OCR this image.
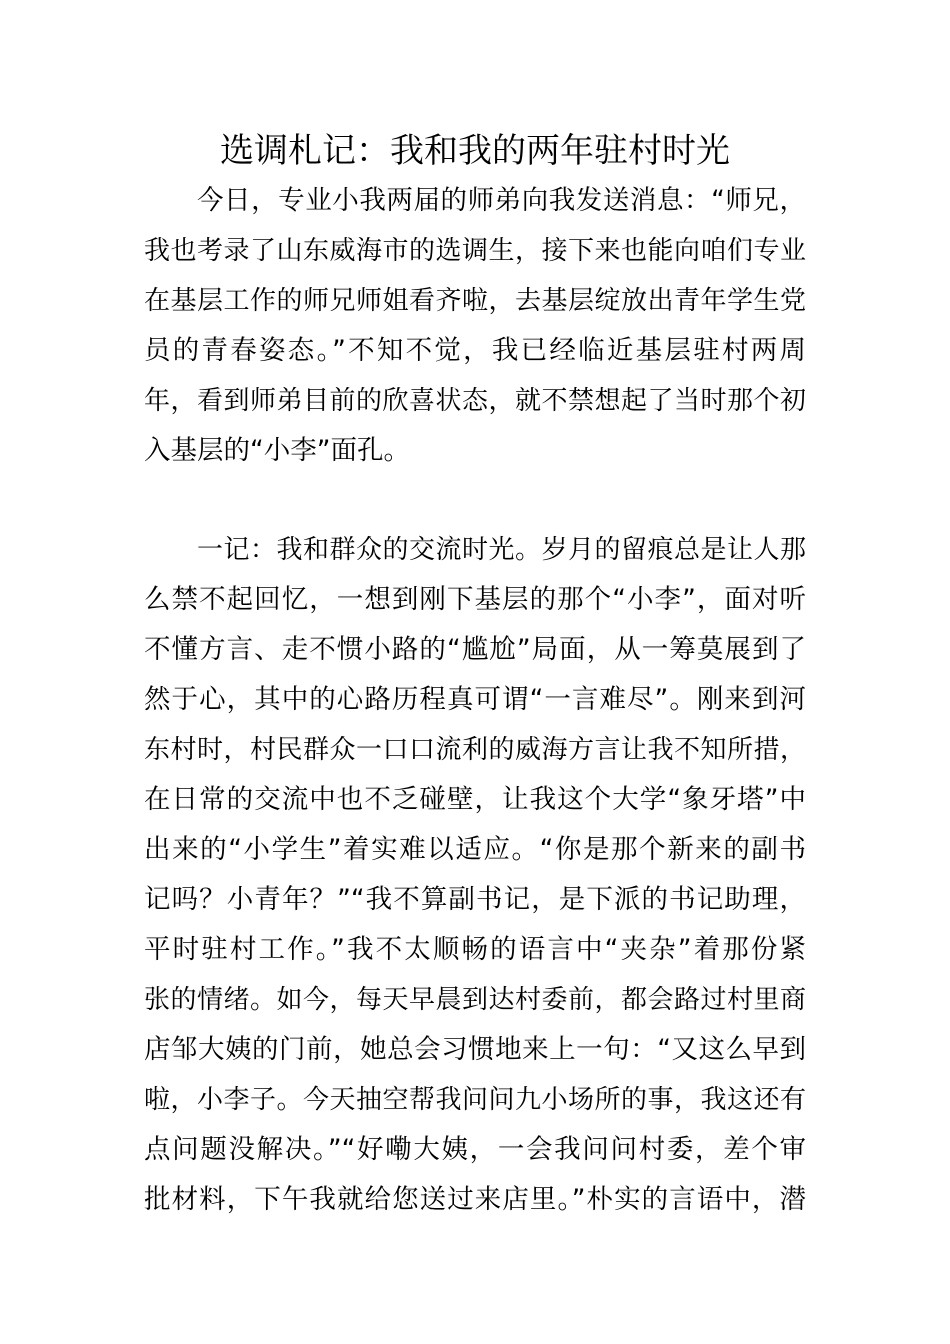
选调札记：我和我的两年驻村时光
今日，专业小我两届的师弟向我发送消息：“师兄，
我也考录了山东威海市的选调生，接下来也能向咱们专业
在基层工作的师兄师姐看齐啦，去基层绽放出青年学生党
员的青春姿态。”不知不觉，我已经临近基层驻村两周
年，看到师弟目前的欣喜状态，就不禁想起了当时那个初
入基层的“小李”面孔。
一记：我和群众的交流时光。岁月的留痕总是让人那
么禁不起回忆，一想到刚下基层的那个“小李”，面对听
不懂方言、走不惯小路的“尴尬”局面，从一筹莫展到了
然于心，其中的心路历程真可谓“一言难尽”。刚来到河
东村时，村民群众一口口流利的威海方言让我不知所措，
在日常的交流中也不乏碰壁，让我这个大学“象牙塔”中
出来的“小学生”着实难以适应。“你是那个新来的副书
记吗？小青年？”“我不算副书记，是下派的书记助理，
平时驻村工作。”我不太顺畅的语言中“夹杂”着那份紧
张的情绪。如今，每天早晨到达村委前，都会路过村里商
店邹大姨的门前，她总会习惯地来上一句：“又这么早到
啦，小李子。今天抽空帮我问问九小场所的事，我这还有
点问题没解决。”“好嘞大姨，一会我问问村委，差个审
批材料，下午我就给您送过来店里。”朴实的言语中，潜
